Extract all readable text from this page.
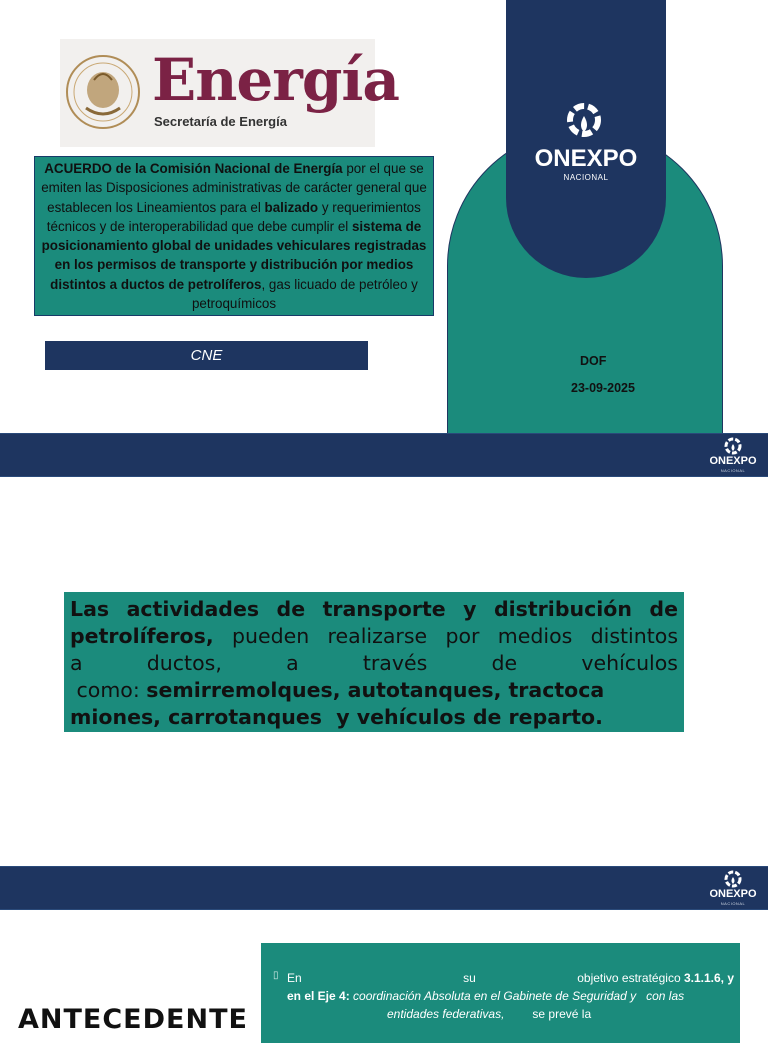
Energía
Secretaría de Energía
ACUERDO de la Comisión Nacional de Energía por el que se emiten las Disposiciones administrativas de carácter general que establecen los Lineamientos para el balizado y requerimientos técnicos y de interoperabilidad que debe cumplir el sistema de posicionamiento global de unidades vehiculares registradas en los permisos de transporte y distribución por medios distintos a ductos de petrolíferos, gas licuado de petróleo y petroquímicos
CNE
ONEXPO
NACIONAL
DOF
23-09-2025
ONEXPO
NACIONAL
Las actividades de transporte y distribución de
petrolíferos, pueden realizarse por medios distintos
a	ductos,	a	través	de	vehículos
como: semirremolques, autotanques, tractoca
miones, carrotanques  y vehículos de reparto.
ONEXPO
NACIONAL
ANTECEDENTE
En	su	objetivo estratégico 3.1.1.6, y
en el Eje 4: coordinación Absoluta en el Gabinete de Seguridad y   con las
entidades federativas, se prevé la
▯
